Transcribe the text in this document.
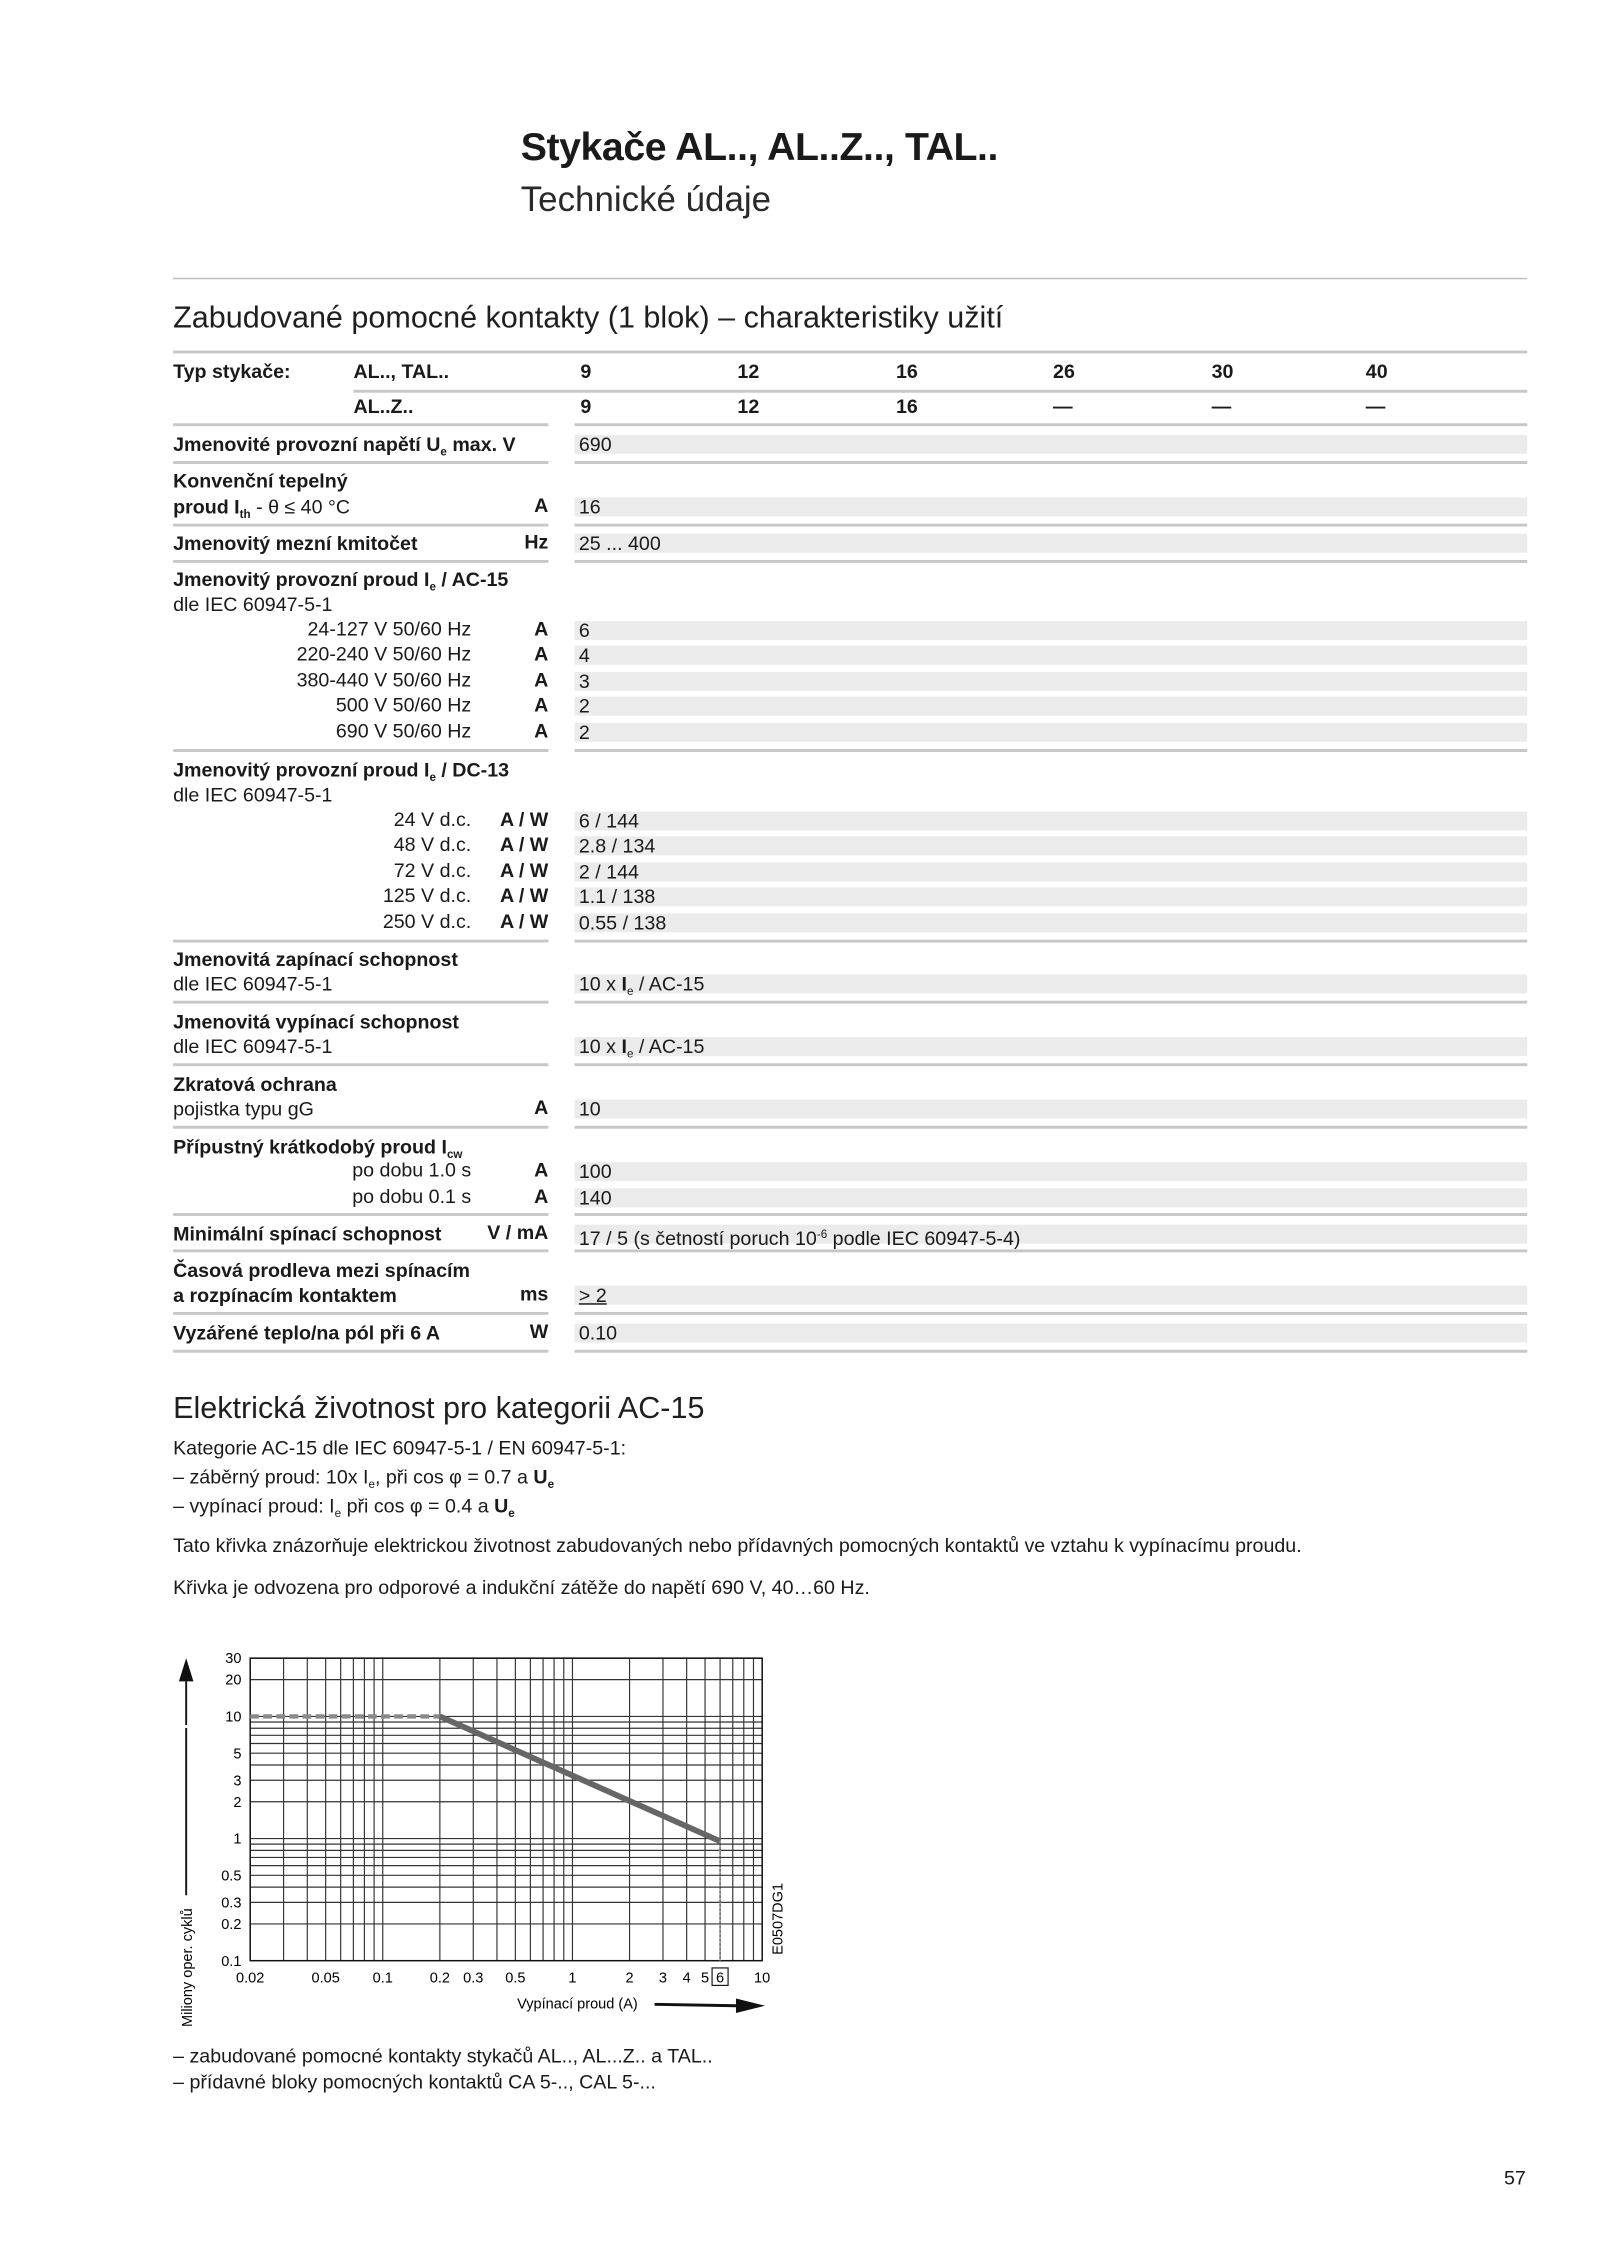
Stykače AL.., AL..Z.., TAL..
Technické údaje
Zabudované pomocné kontakty (1 blok) – charakteristiky užití
Typ stykače:	AL.., TAL..	9	12	16	26	30	40
AL..Z..	9	12	16	—	—	—
Jmenovité provozní napětí $U_e$ max. V	690
Konvenční tepelný
proud $I_{th} - \theta \le 40$ °C	A	16
Jmenovitý mezní kmitočet	Hz	25 ... 400
Jmenovitý provozní proud $I_e / AC-15$
dle IEC 60947-5-1
24-127 V 50/60 Hz	A	6
220-240 V 50/60 Hz	A	4
380-440 V 50/60 Hz	A	3
500 V 50/60 Hz	A	2
690 V 50/60 Hz	A	2
Jmenovitý provozní proud $I_e / DC-13$
dle IEC 60947-5-1
24 V d.c.	A / W	6 / 144
48 V d.c.	A / W	2.8 / 134
72 V d.c.	A / W	2 / 144
125 V d.c.	A / W	1.1 / 138
250 V d.c.	A / W	0.55 / 138
Jmenovitá zapínací schopnost
dle IEC 60947-5-1	10 x $I_e / AC-15$
Jmenovitá vypínací schopnost
dle IEC 60947-5-1	10 x $I_e / AC-15$
Zkratová ochrana
pojistka typu gG	A	10
Přípustný krátkodobý proud $I_{cw}$
po dobu 1.0 s	A	100
po dobu 0.1 s	A	140
Minimální spínací schopnost	V / mA	17 / 5 (s četností poruch $10^{-6}$ podle IEC 60947-5-4)
Časová prodleva mezi spínacím
a rozpínacím kontaktem	ms	> 2
Vyzářené teplo/na pól při 6 A	W	0.10
Elektrická životnost pro kategorii AC-15
Kategorie AC-15 dle IEC 60947-5-1 / EN 60947-5-1:
– záběrný proud: 10x $I_e$, při cos φ = 0.7 a $U_e$
– vypínací proud: $I_e$ při cos φ = 0.4 a $U_e$
Tato křivka znázorňuje elektrickou životnost zabudovaných nebo přídavných pomocných kontaktů ve vztahu k vypínacímu proudu.
Křivka je odvozena pro odporové a indukční zátěže do napětí 690 V, 40…60 Hz.
0.1
0.2
0.3
0.5
1
2
3
5
10
20
30
0.02	0.05	0.1	0.2 0.3 0.5	1	2	3 4 5 6	10
Miliony oper. cyklů	Vypínací proud (A)
E0507DG1
– zabudované pomocné kontakty stykačů AL.., AL...Z.. a TAL..
– přídavné bloky pomocných kontaktů CA 5-.., CAL 5-...
57
